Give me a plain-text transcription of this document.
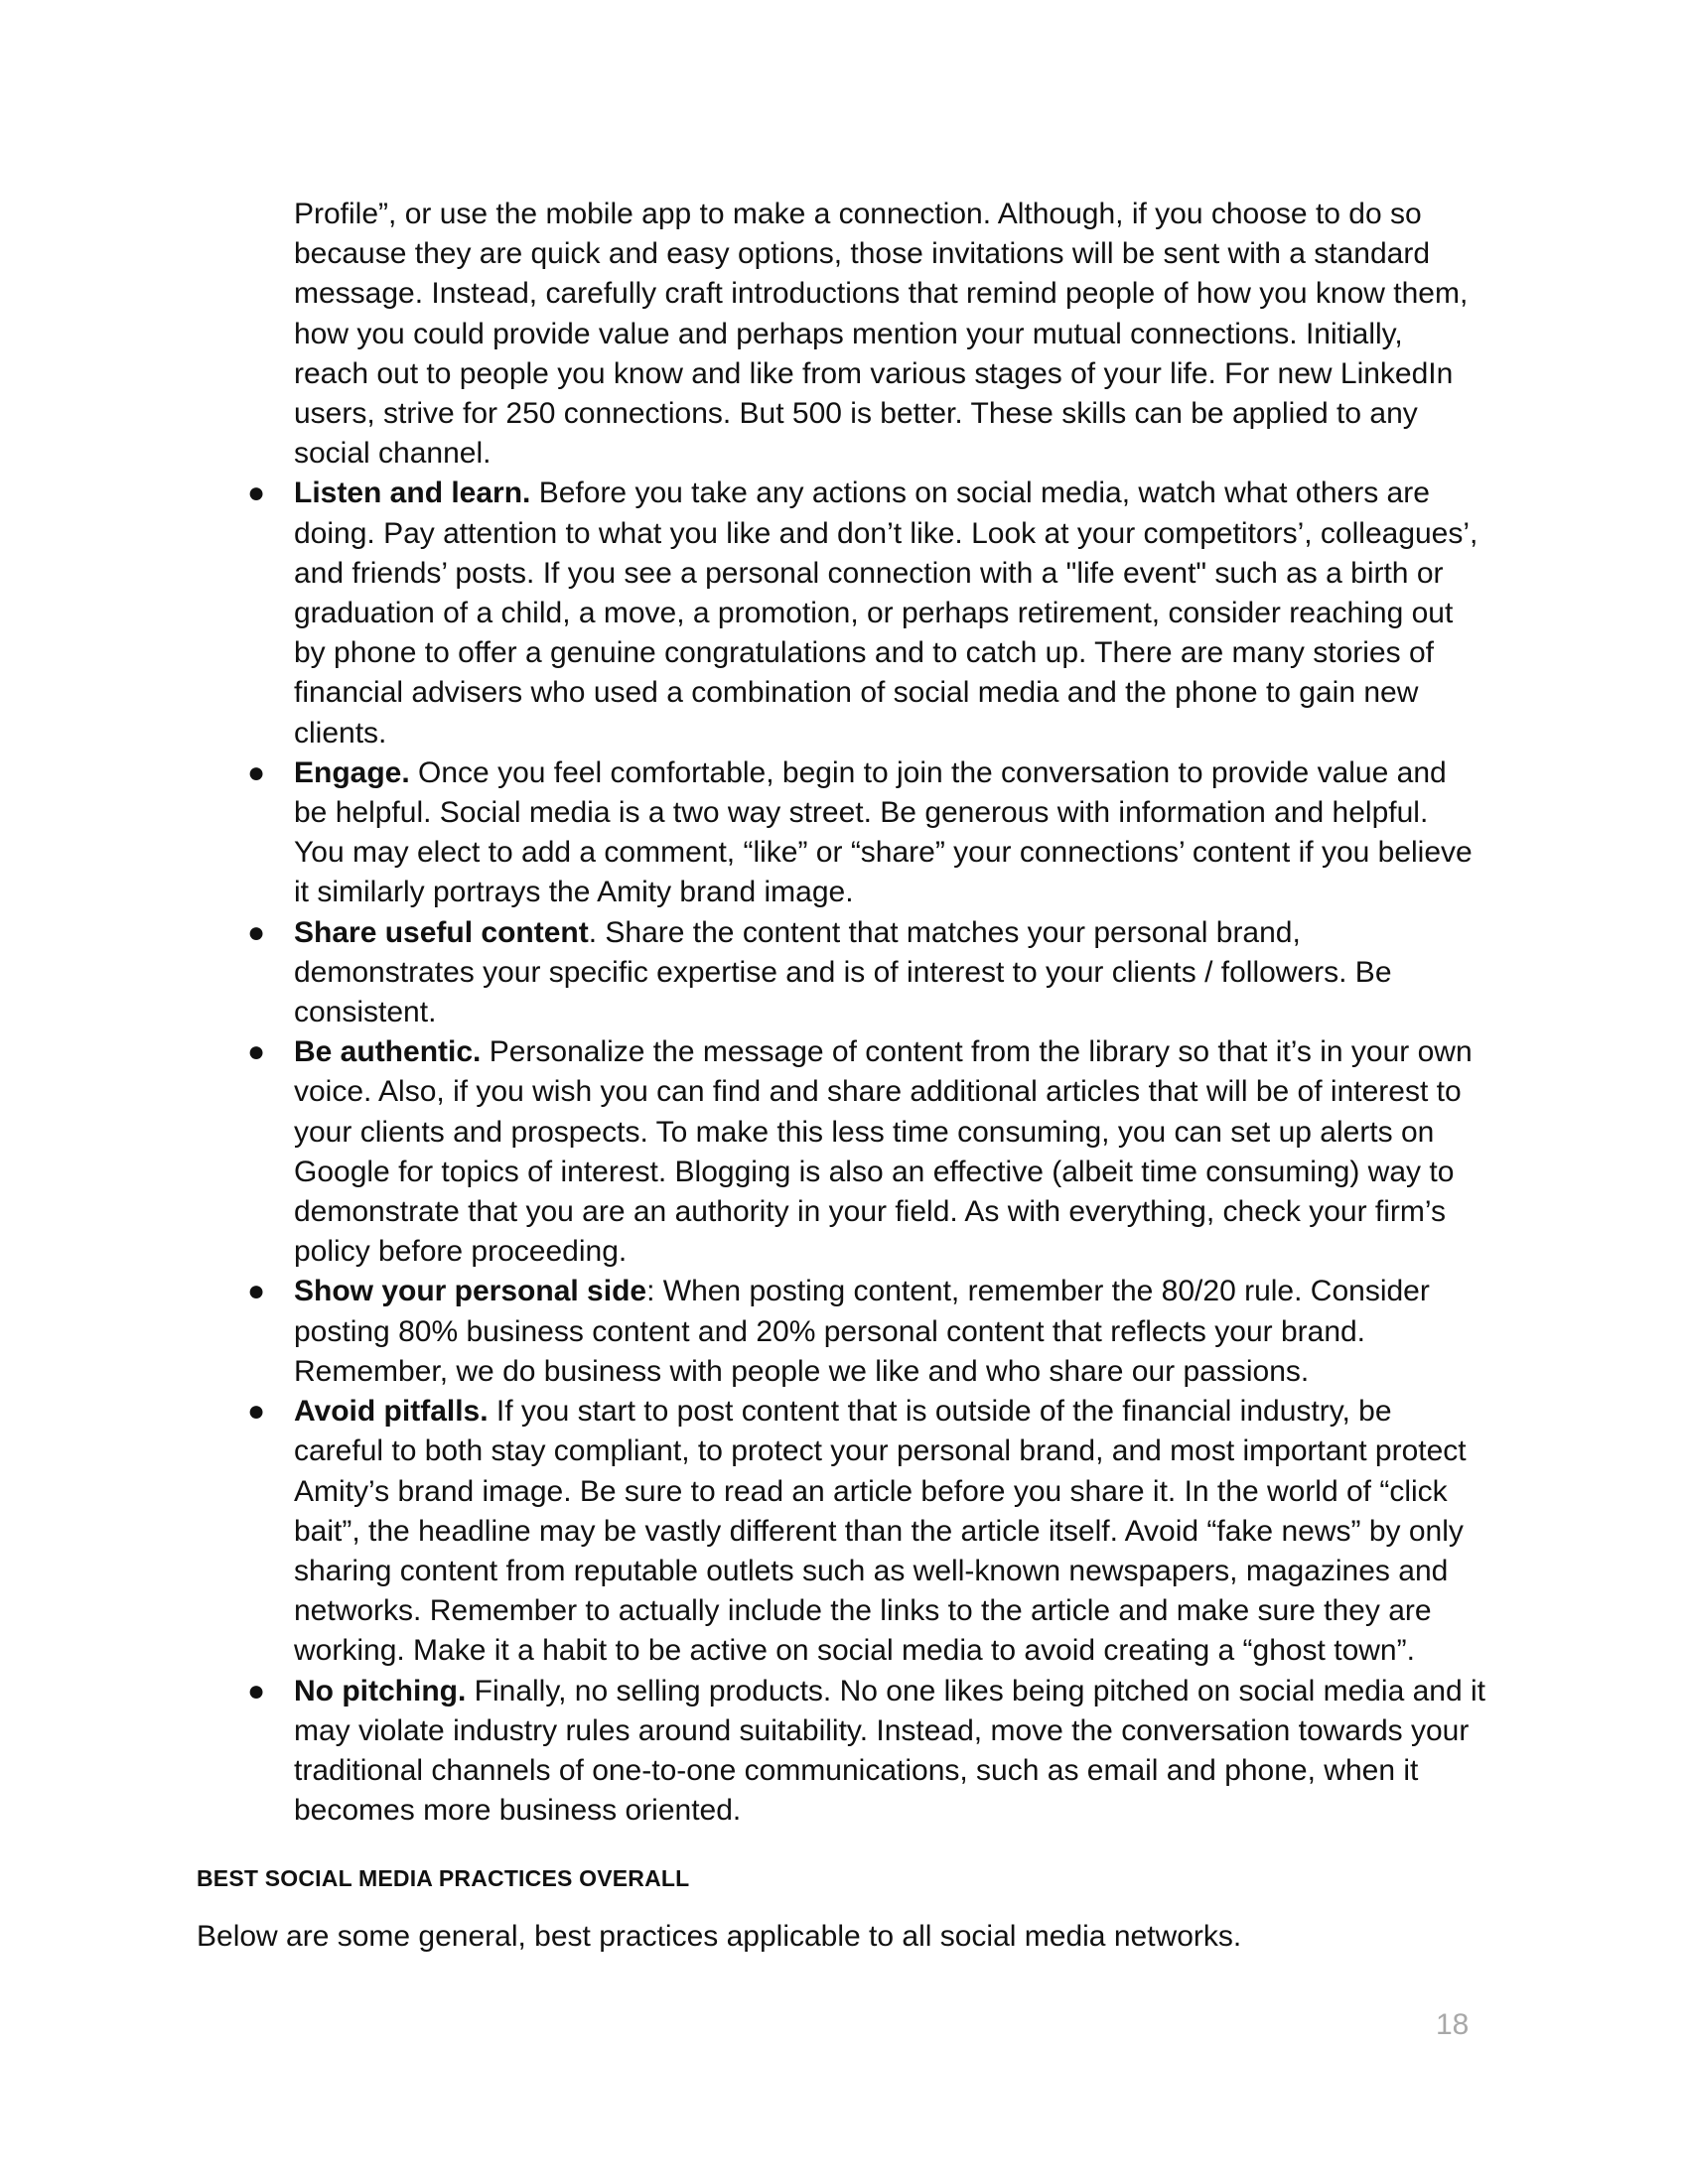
Profile”, or use the mobile app to make a connection. Although, if you choose to do so because they are quick and easy options, those invitations will be sent with a standard message. Instead, carefully craft introductions that remind people of how you know them, how you could provide value and perhaps mention your mutual connections. Initially, reach out to people you know and like from various stages of your life. For new LinkedIn users, strive for 250 connections. But 500 is better. These skills can be applied to any social channel.

● Listen and learn. Before you take any actions on social media, watch what others are doing. Pay attention to what you like and don’t like. Look at your competitors’, colleagues’, and friends’ posts. If you see a personal connection with a "life event" such as a birth or graduation of a child, a move, a promotion, or perhaps retirement, consider reaching out by phone to offer a genuine congratulations and to catch up. There are many stories of financial advisers who used a combination of social media and the phone to gain new clients.
● Engage. Once you feel comfortable, begin to join the conversation to provide value and be helpful. Social media is a two way street. Be generous with information and helpful. You may elect to add a comment, “like” or “share” your connections’ content if you believe it similarly portrays the Amity brand image.
● Share useful content. Share the content that matches your personal brand, demonstrates your specific expertise and is of interest to your clients / followers. Be consistent.
● Be authentic. Personalize the message of content from the library so that it’s in your own voice. Also, if you wish you can find and share additional articles that will be of interest to your clients and prospects. To make this less time consuming, you can set up alerts on Google for topics of interest. Blogging is also an effective (albeit time consuming) way to demonstrate that you are an authority in your field. As with everything, check your firm’s policy before proceeding.
● Show your personal side: When posting content, remember the 80/20 rule. Consider posting 80% business content and 20% personal content that reflects your brand. Remember, we do business with people we like and who share our passions.
● Avoid pitfalls. If you start to post content that is outside of the financial industry, be careful to both stay compliant, to protect your personal brand, and most important protect Amity’s brand image. Be sure to read an article before you share it. In the world of “click bait”, the headline may be vastly different than the article itself. Avoid “fake news” by only sharing content from reputable outlets such as well-known newspapers, magazines and networks. Remember to actually include the links to the article and make sure they are working. Make it a habit to be active on social media to avoid creating a “ghost town”.
● No pitching. Finally, no selling products. No one likes being pitched on social media and it may violate industry rules around suitability. Instead, move the conversation towards your traditional channels of one-to-one communications, such as email and phone, when it becomes more business oriented.
BEST SOCIAL MEDIA PRACTICES OVERALL

Below are some general, best practices applicable to all social media networks.

18
